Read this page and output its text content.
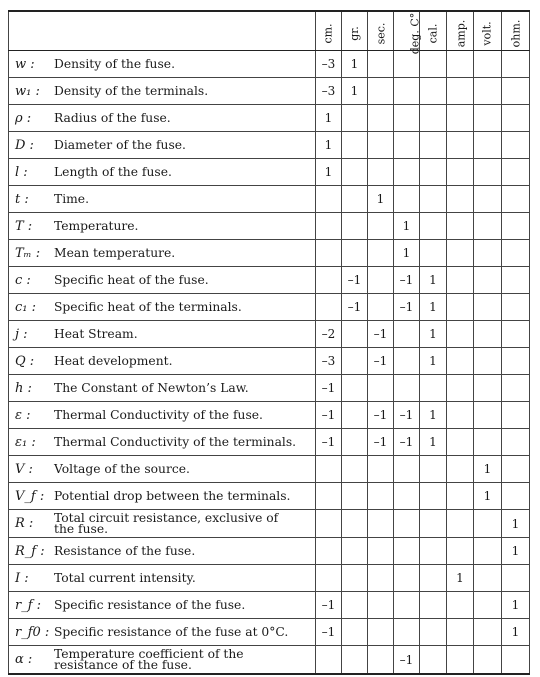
	cm.	gr.	sec.	deg. C°	cal.	amp.	volt.	ohm.
w : Density of the fuse.	–3	1						
w₁ : Density of the terminals.	–3	1						
ρ : Radius of the fuse.	1							
D : Diameter of the fuse.	1							
l : Length of the fuse.	1							
t : Time.			1					
T : Temperature.				1				
Tₘ : Mean temperature.				1				
c : Specific heat of the fuse.		–1		–1	1			
c₁ : Specific heat of the terminals.		–1		–1	1			
j : Heat Stream.	–2		–1		1			
Q : Heat development.	–3		–1		1			
h : The Constant of Newton’s Law.	–1							
ε : Thermal Conductivity of the fuse.	–1		–1	–1	1			
ε₁ : Thermal Conductivity of the terminals.	–1		–1	–1	1			
V : Voltage of the source.							1	
V_f : Potential drop between the terminals.							1	
R : Total circuit resistance, exclusive of the fuse.								1
R_f : Resistance of the fuse.								1
I : Total current intensity.						1		
r_f : Specific resistance of the fuse.	–1							1
r_f0 : Specific resistance of the fuse at 0°C.	–1							1
α : Temperature coefficient of the resistance of the fuse.				–1				
